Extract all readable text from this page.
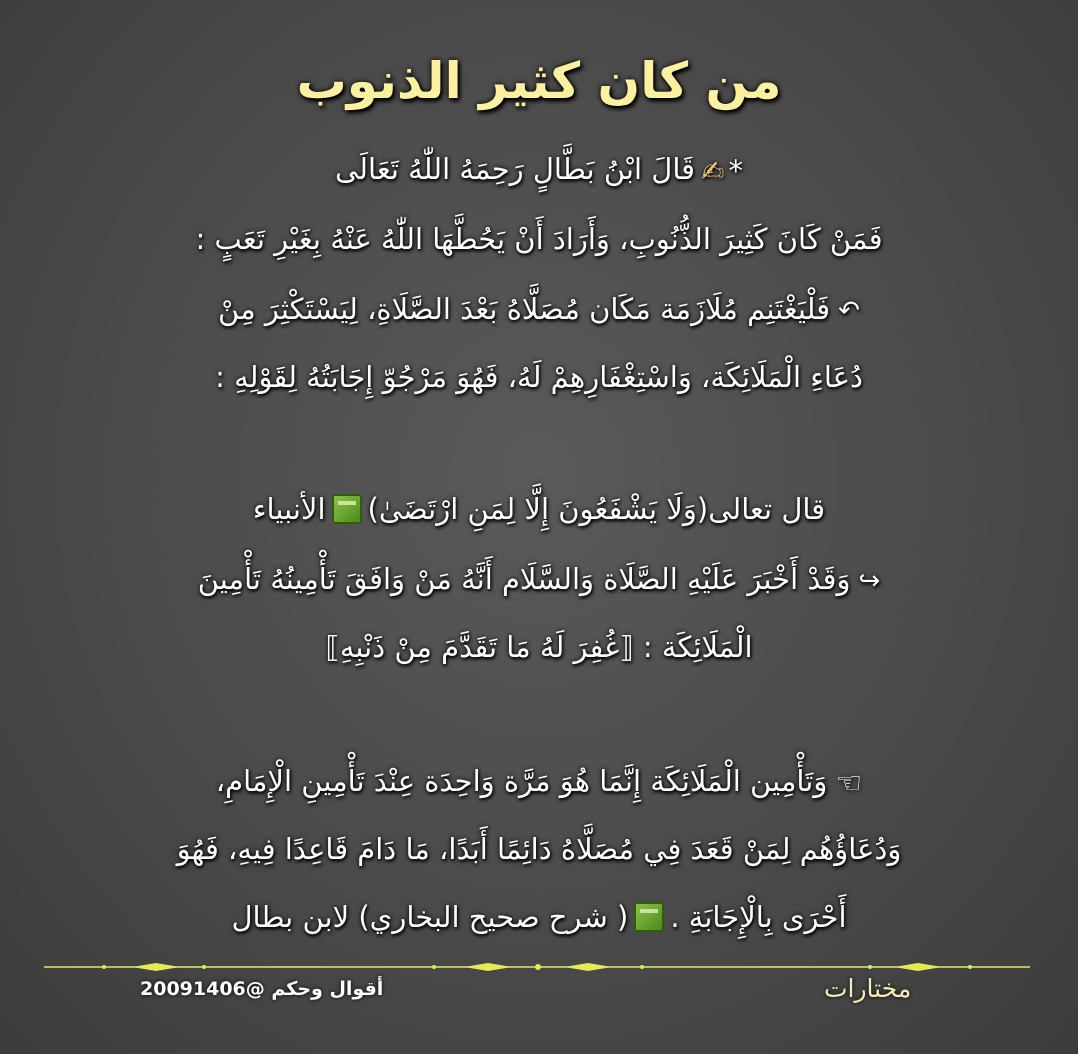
من كان كثير الذنوب
*✍قَالَ ابْنُ بَطَّالٍ رَحِمَهُ اللّٰهُ تَعَالَى
فَمَنْ كَانَ كَثِيرَ الذُّنُوبِ، وَأَرَادَ أَنْ يَحُطَّهَا اللّٰهُ عَنْهُ بِغَيْرِ تَعَبٍ :
↶فَلْيَغْتَنِم مُلَازَمَة مَكَان مُصَلَّاهُ بَعْدَ الصَّلَاةِ، لِيَسْتَكْثِرَ مِنْ
دُعَاءِ الْمَلَائِكَة، وَاسْتِغْفَارِهِمْ لَهُ، فَهُوَ مَرْجُوّ إِجَابَتُهُ لِقَوْلِهِ :
قال تعالى(وَلَا يَشْفَعُونَ إِلَّا لِمَنِ ارْتَضَىٰ)الأنبياء
↪وَقَدْ أَخْبَرَ عَلَيْهِ الصَّلَاة وَالسَّلَام أَنَّهُ مَنْ وَافَقَ تَأْمِينُهُ تَأْمِينَ
الْمَلَائِكَة : ⟦غُفِرَ لَهُ مَا تَقَدَّمَ مِنْ ذَنْبِهِ⟧
☜وَتَأْمِين الْمَلَائِكَة إِنَّمَا هُوَ مَرَّة وَاحِدَة عِنْدَ تَأْمِينِ الْإِمَامِ،
وَدُعَاؤُهُم لِمَنْ قَعَدَ فِي مُصَلَّاهُ دَائِمًا أَبَدًا، مَا دَامَ قَاعِدًا فِيهِ، فَهُوَ
أَحْرَى بِالْإِجَابَةِ .( شرح صحيح البخاري) لابن بطال
مختارات
أقوال وحكم @20091406
